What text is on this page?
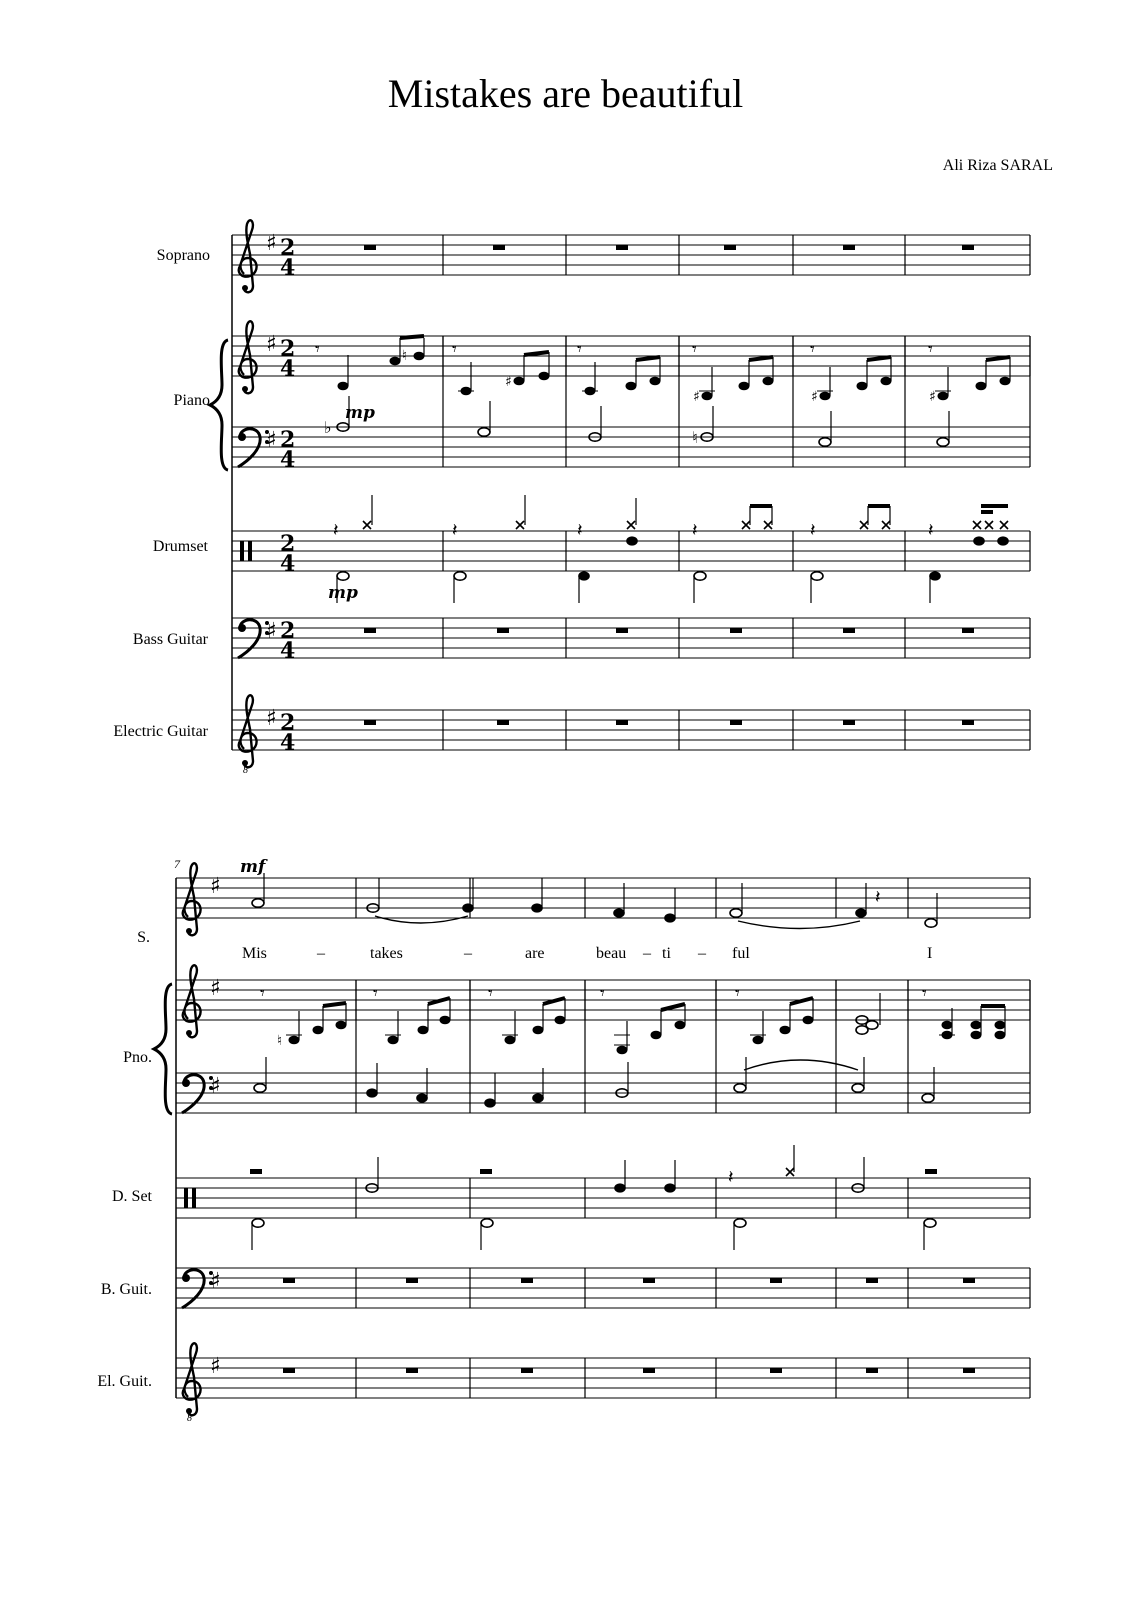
Mistakes are beautiful
Ali Riza SARAL
Soprano
Piano
Drumset
Bass Guitar
Electric Guitar
♯ 2
4
♯ 2
4
𝄾	♮ 𝄾
♯
𝄾	𝄾
♯
𝄾
♯
𝄾
♯
mp
♯ 2
4
♭
♮
2
4
𝄽	𝄽	𝄽	𝄽	𝄽	𝄽
mp
♯ 2
4
8
♯ 2
4
7
S.
Pno.
D. Set
B. Guit.
El. Guit.
♯
mf
𝄽
Mis	–	takes	–	are	beau – ti – ful	I
♯ 𝄾
♮
𝄾	𝄾	𝄾	𝄾	𝄾
♯
𝄽
♯
8
♯
